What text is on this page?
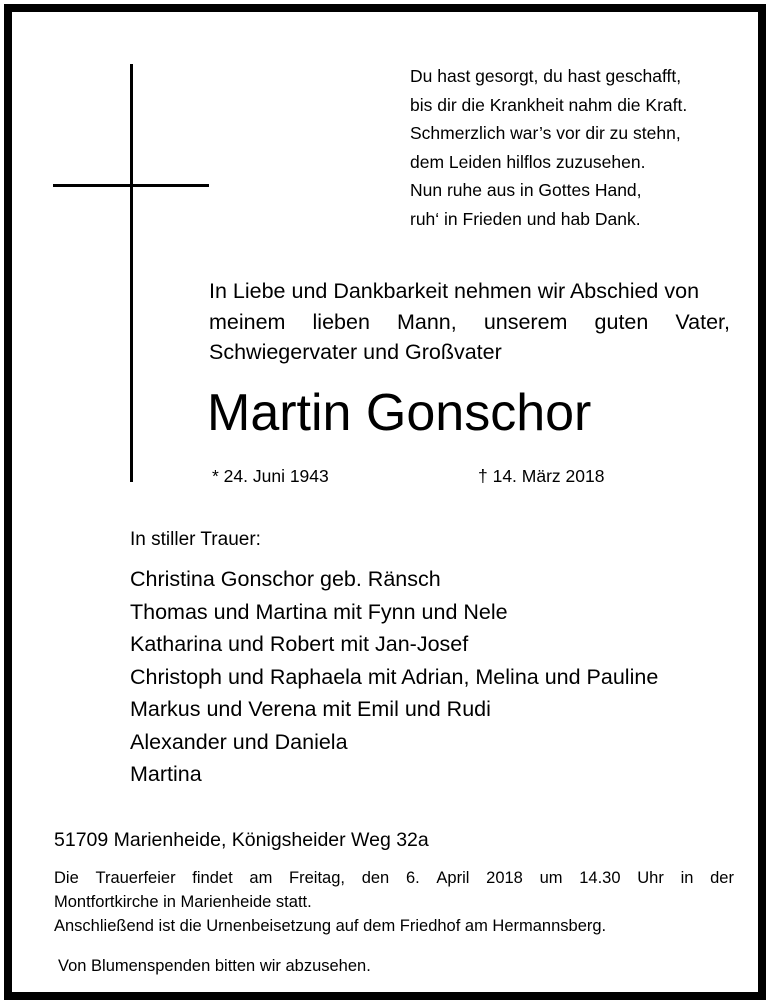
Du hast gesorgt, du hast geschafft,
bis dir die Krankheit nahm die Kraft.
Schmerzlich war’s vor dir zu stehn,
dem Leiden hilflos zuzusehen.
Nun ruhe aus in Gottes Hand,
ruh‘ in Frieden und hab Dank.
In Liebe und Dankbarkeit nehmen wir Abschied von
meinem lieben Mann, unserem guten Vater,
Schwiegervater und Großvater
Martin Gonschor
* 24. Juni 1943	† 14. März 2018
In stiller Trauer:
Christina Gonschor geb. Ränsch
Thomas und Martina mit Fynn und Nele
Katharina und Robert mit Jan-Josef
Christoph und Raphaela mit Adrian, Melina und Pauline
Markus und Verena mit Emil und Rudi
Alexander und Daniela
Martina
51709 Marienheide, Königsheider Weg 32a
Die Trauerfeier findet am Freitag, den 6. April 2018 um 14.30 Uhr in der
Montfortkirche in Marienheide statt.
Anschließend ist die Urnenbeisetzung auf dem Friedhof am Hermannsberg.
Von Blumenspenden bitten wir abzusehen.
